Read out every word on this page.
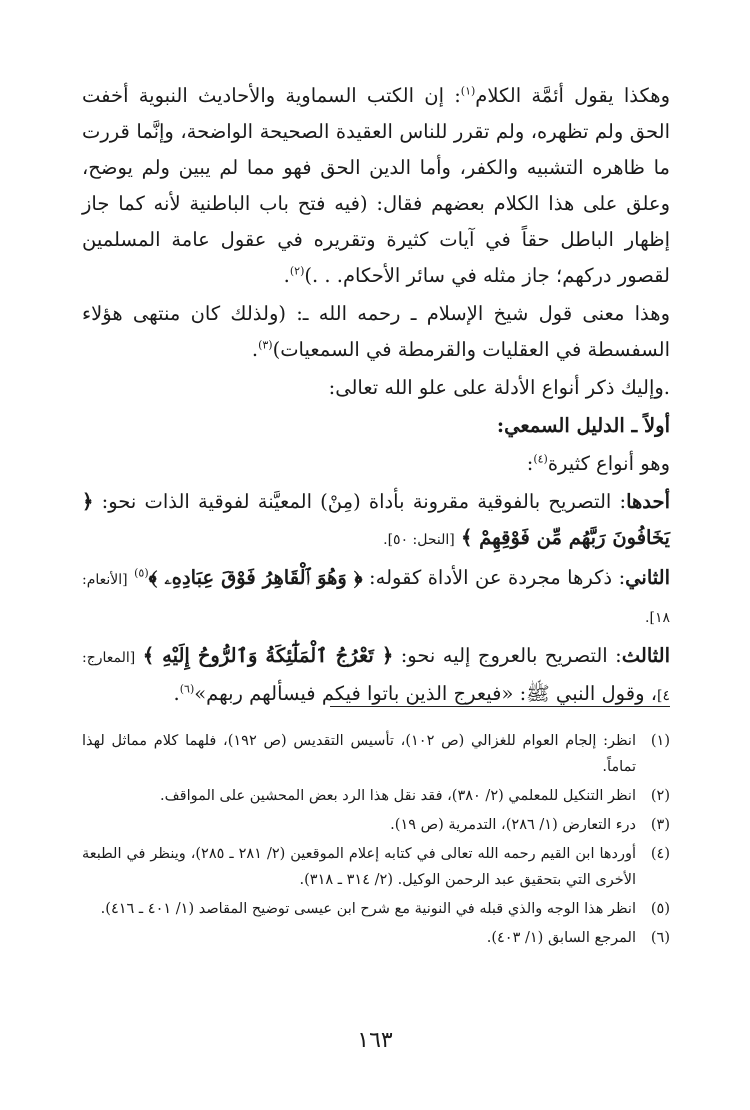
وهكذا يقول أئمَّة الكلام$^{(١)}$: إن الكتب السماوية والأحاديث النبوية أخفت الحق ولم تظهره، ولم تقرر للناس العقيدة الصحيحة الواضحة، وإنَّما قررت ما ظاهره التشبيه والكفر، وأما الدين الحق فهو مما لم يبين ولم يوضح، وعلق على هذا الكلام بعضهم فقال: (فيه فتح باب الباطنية لأنه كما جاز إظهار الباطل حقاً في آيات كثيرة وتقريره في عقول عامة المسلمين لقصور دركهم؛ جاز مثله في سائر الأحكام. . .)$^{(٢)}$.

وهذا معنى قول شيخ الإسلام ـ رحمه الله ـ: (ولذلك كان منتهى هؤلاء السفسطة في العقليات والقرمطة في السمعيات)$^{(٣)}$.

.وإليك ذكر أنواع الأدلة على علو الله تعالى:

أولاً ـ الدليل السمعي:

وهو أنواع كثيرة$^{(٤)}$:

أحدها: التصريح بالفوقية مقرونة بأداة (مِنْ) المعيَّنة لفوقية الذات نحو: ﴿ يَخَافُونَ رَبَّهُم مِّن فَوْقِهِمْ ﴾ [النحل: ٥٠].

الثاني: ذكرها مجردة عن الأداة كقوله: ﴿ وَهُوَ ٱلْقَاهِرُ فَوْقَ عِبَادِهِۦ ﴾$^{(٥)}$ [الأنعام: ١٨].

الثالث: التصريح بالعروج إليه نحو: ﴿ تَعْرُجُ ٱلْمَلَٰٓئِكَةُ وَٱلرُّوحُ إِلَيْهِ ﴾ [المعارج: ٤]، وقول النبي ﷺ: «فيعرج الذين باتوا فيكم فيسألهم ربهم»$^{(٦)}$.

(١)
انظر: إلجام العوام للغزالي (ص ١٠٢)، تأسيس التقديس (ص ١٩٢)، فلهما كلام مماثل لهذا تماماً.
(٢)
انظر التنكيل للمعلمي (٢/ ٣٨٠)، فقد نقل هذا الرد بعض المحشين على المواقف.
(٣)
درء التعارض (١/ ٢٨٦)، التدمرية (ص ١٩).
(٤)
أوردها ابن القيم رحمه الله تعالى في كتابه إعلام الموقعين (٢/ ٢٨١ ـ ٢٨٥)، وينظر في الطبعة الأخرى التي بتحقيق عبد الرحمن الوكيل. (٢/ ٣١٤ ـ ٣١٨).
(٥)
انظر هذا الوجه والذي قبله في النونية مع شرح ابن عيسى توضيح المقاصد (١/ ٤٠١ ـ ٤١٦).
(٦)
المرجع السابق (١/ ٤٠٣).
١٦٣
